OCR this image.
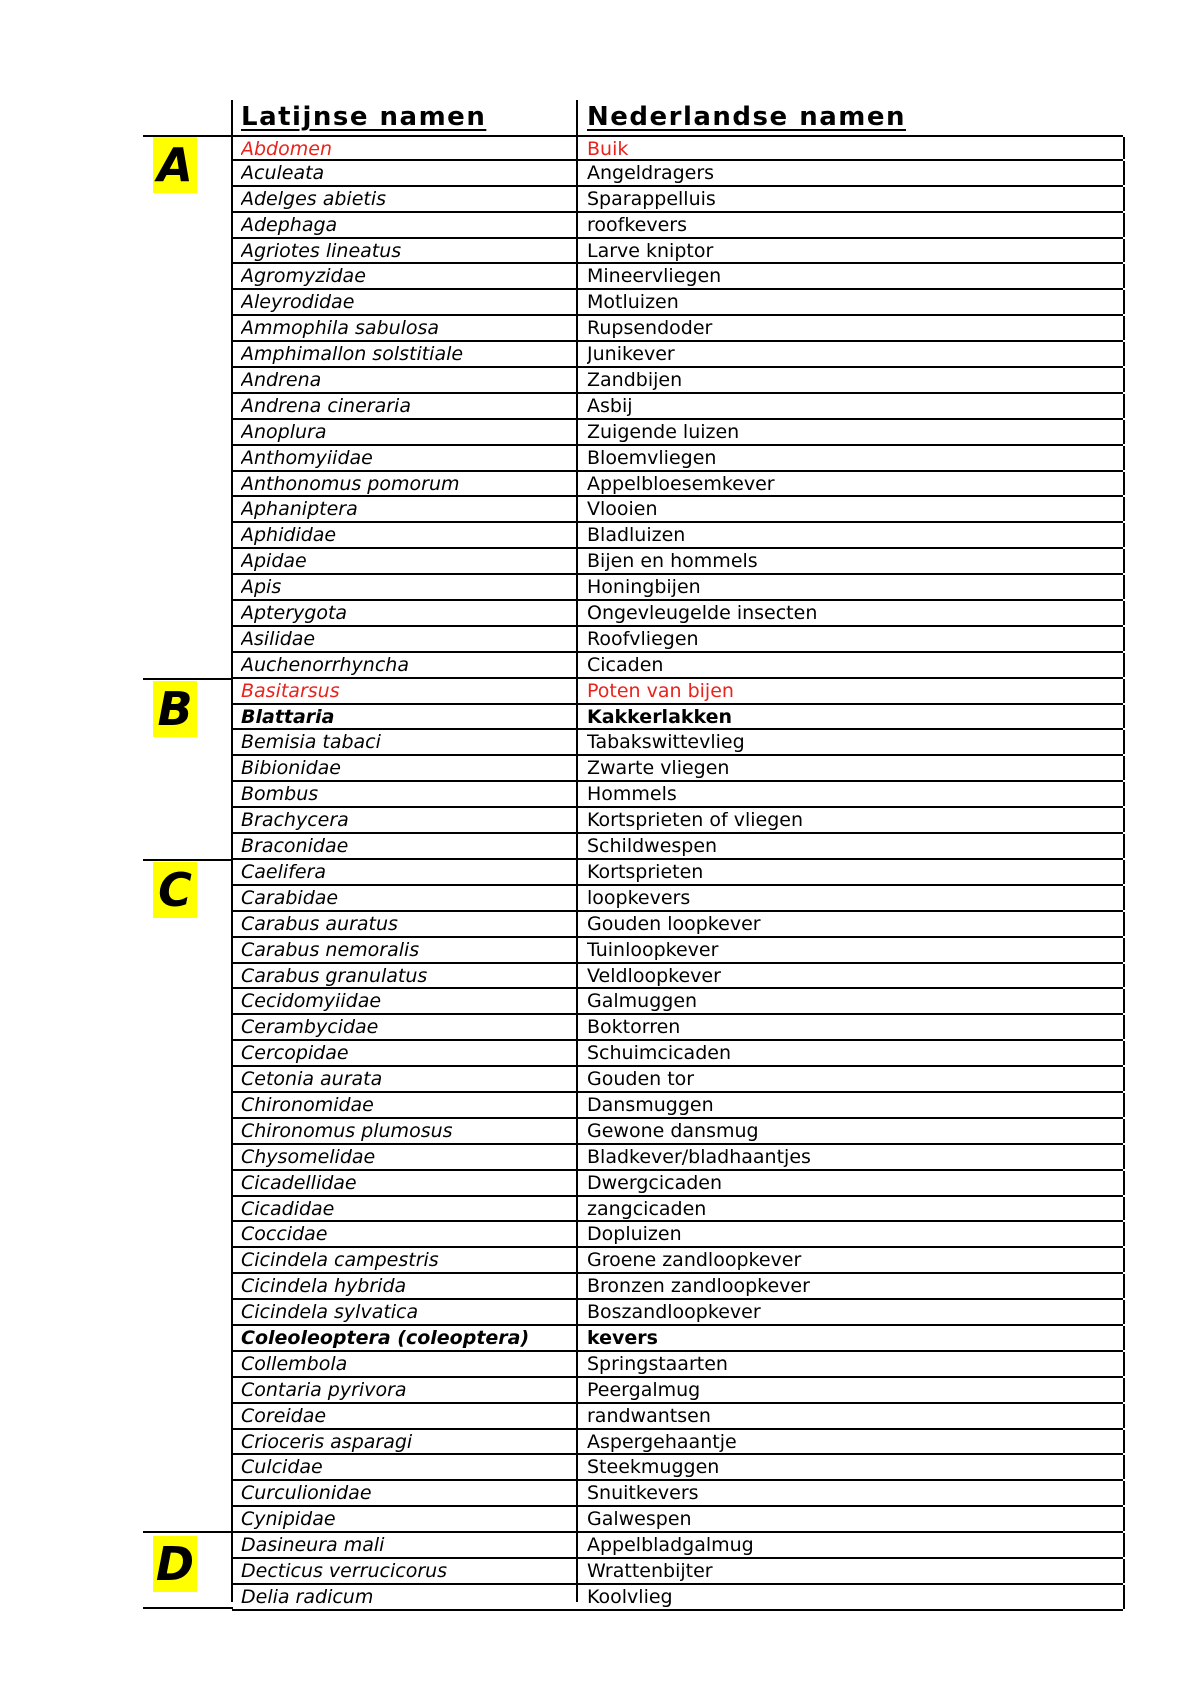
Latijnse namen	Nederlandse namen
A
B
C
D
Abdomen	Buik
Aculeata	Angeldragers
Adelges abietis	Sparappelluis
Adephaga	roofkevers
Agriotes lineatus	Larve kniptor
Agromyzidae	Mineervliegen
Aleyrodidae	Motluizen
Ammophila sabulosa	Rupsendoder
Amphimallon solstitiale	Junikever
Andrena	Zandbijen
Andrena cineraria	Asbij
Anoplura	Zuigende luizen
Anthomyiidae	Bloemvliegen
Anthonomus pomorum	Appelbloesemkever
Aphaniptera	Vlooien
Aphididae	Bladluizen
Apidae	Bijen en hommels
Apis	Honingbijen
Apterygota	Ongevleugelde insecten
Asilidae	Roofvliegen
Auchenorrhyncha	Cicaden
Basitarsus	Poten van bijen
Blattaria	Kakkerlakken
Bemisia tabaci	Tabakswittevlieg
Bibionidae	Zwarte vliegen
Bombus	Hommels
Brachycera	Kortsprieten of vliegen
Braconidae	Schildwespen
Caelifera	Kortsprieten
Carabidae	loopkevers
Carabus auratus	Gouden loopkever
Carabus nemoralis	Tuinloopkever
Carabus granulatus	Veldloopkever
Cecidomyiidae	Galmuggen
Cerambycidae	Boktorren
Cercopidae	Schuimcicaden
Cetonia aurata	Gouden tor
Chironomidae	Dansmuggen
Chironomus plumosus	Gewone dansmug
Chysomelidae	Bladkever/bladhaantjes
Cicadellidae	Dwergcicaden
Cicadidae	zangcicaden
Coccidae	Dopluizen
Cicindela campestris	Groene zandloopkever
Cicindela hybrida	Bronzen zandloopkever
Cicindela sylvatica	Boszandloopkever
Coleoleoptera (coleoptera)	kevers
Collembola	Springstaarten
Contaria pyrivora	Peergalmug
Coreidae	randwantsen
Crioceris asparagi	Aspergehaantje
Culcidae	Steekmuggen
Curculionidae	Snuitkevers
Cynipidae	Galwespen
Dasineura mali	Appelbladgalmug
Decticus verrucicorus	Wrattenbijter
Delia radicum	Koolvlieg
